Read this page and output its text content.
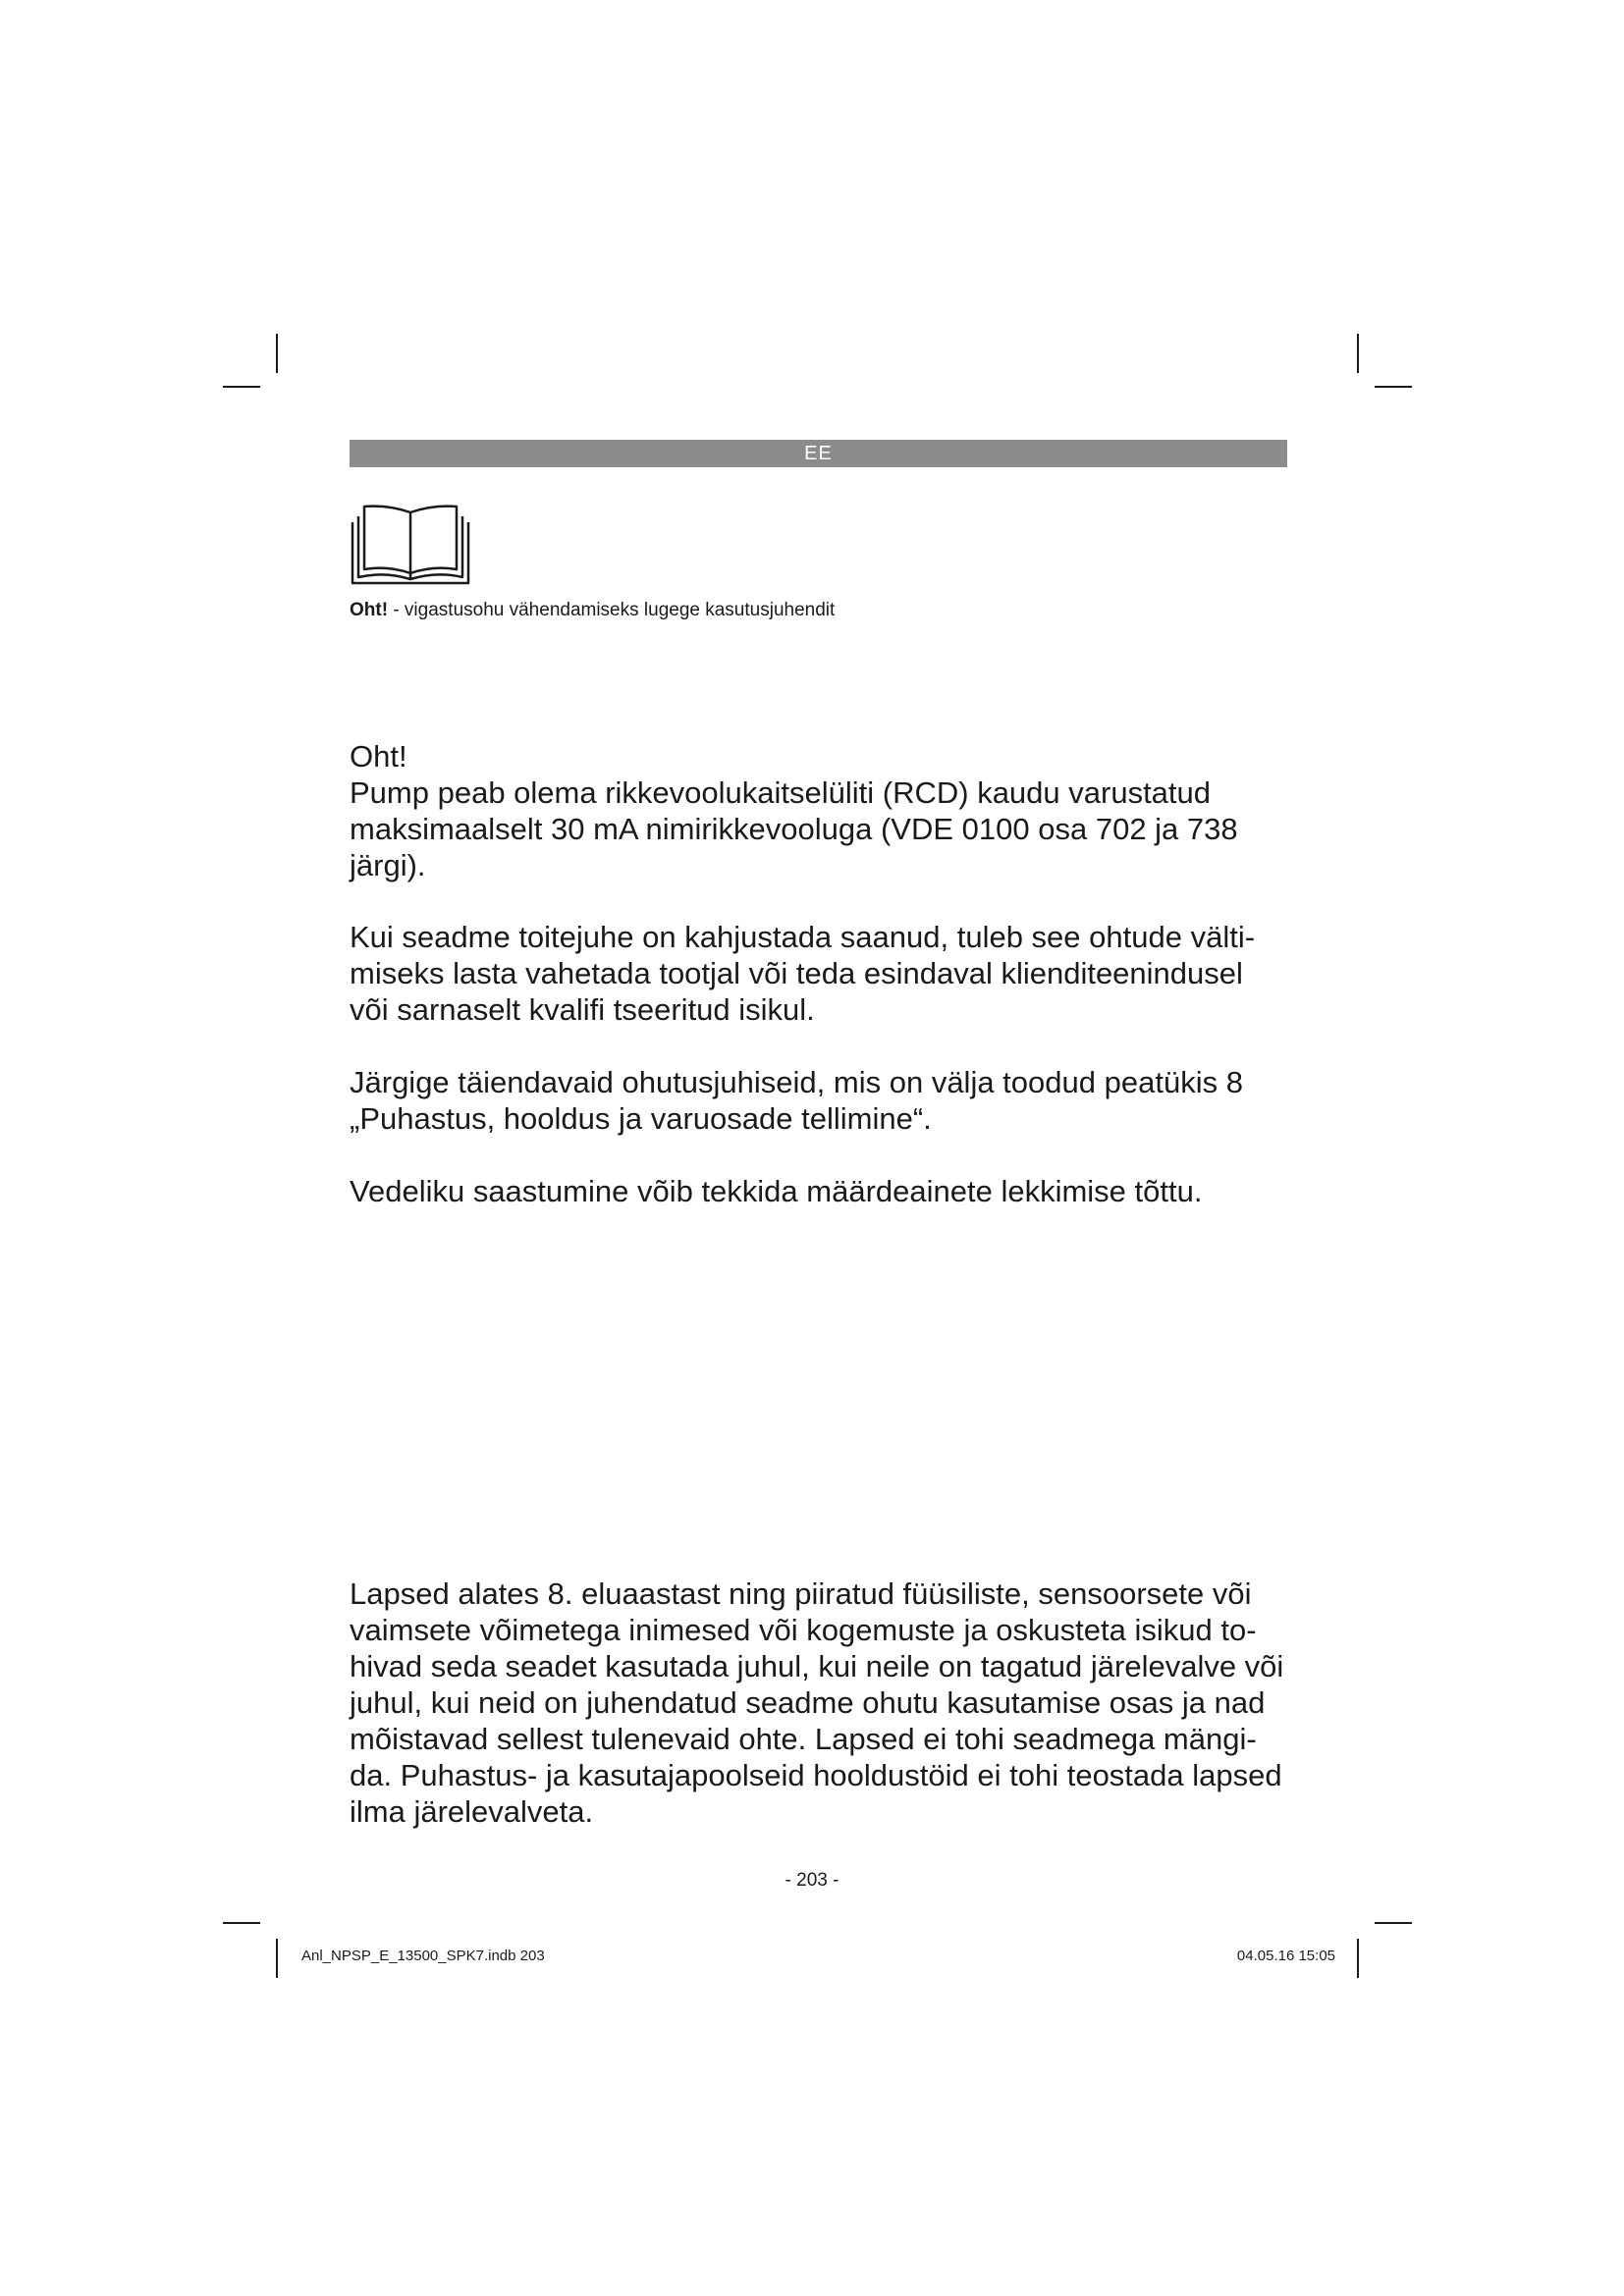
EE
Oht! - vigastusohu vähendamiseks lugege kasutusjuhendit
Oht!
Pump peab olema rikkevoolukaitselüliti (RCD) kaudu varustatud
maksimaalselt 30 mA nimirikkevooluga (VDE 0100 osa 702 ja 738
järgi).
Kui seadme toitejuhe on kahjustada saanud, tuleb see ohtude välti-
miseks lasta vahetada tootjal või teda esindaval klienditeenindusel
või sarnaselt kvalifi tseeritud isikul.
Järgige täiendavaid ohutusjuhiseid, mis on välja toodud peatükis 8
„Puhastus, hooldus ja varuosade tellimine“.
Vedeliku saastumine võib tekkida määrdeainete lekkimise tõttu.
Lapsed alates 8. eluaastast ning piiratud füüsiliste, sensoorsete või
vaimsete võimetega inimesed või kogemuste ja oskusteta isikud to-
hivad seda seadet kasutada juhul, kui neile on tagatud järelevalve või
juhul, kui neid on juhendatud seadme ohutu kasutamise osas ja nad
mõistavad sellest tulenevaid ohte. Lapsed ei tohi seadmega mängi-
da. Puhastus- ja kasutajapoolseid hooldustöid ei tohi teostada lapsed
ilma järelevalveta.
- 203 -
Anl_NPSP_E_13500_SPK7.indb 203	04.05.16 15:05
